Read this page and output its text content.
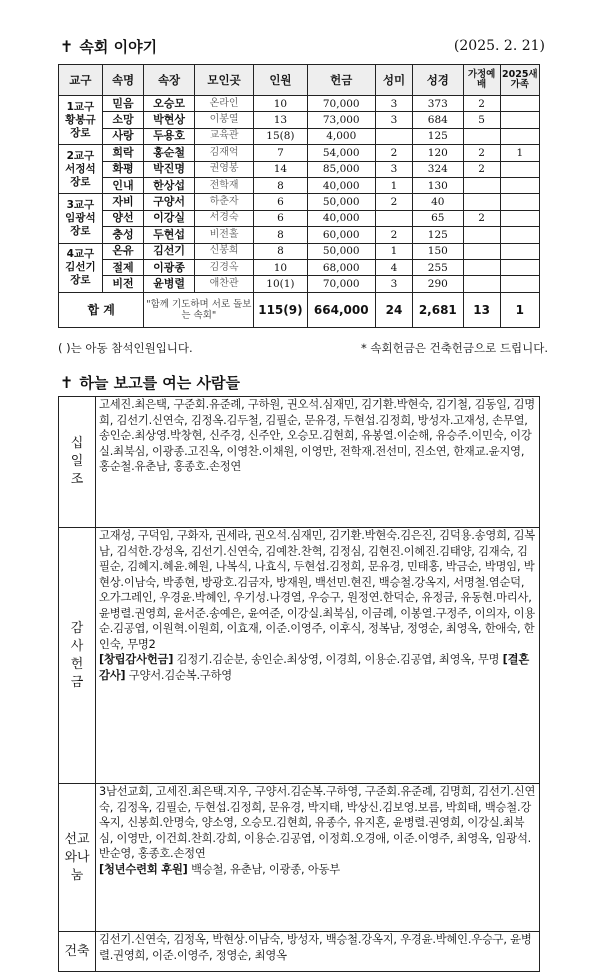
✝ 속회 이야기	(2025. 2. 21)
교구	속명	속장	모인곳	인원	헌금	성미	성경	가정예배	2025새가족
1교구 황봉규 장로	믿음	오승모	온라인	10	70,000	3	373	2	
	소망	박현상	이봉열	13	73,000	3	684	5	
	사랑	두용호	교육관	15(8)	4,000		125		
2교구 서정석 장로	희락	홍순철	김재억	7	54,000	2	120	2	1
	화평	박진명	권영봉	14	85,000	3	324	2	
	인내	한상섭	전학재	8	40,000	1	130		
3교구 임광석 장로	자비	구양서	하춘자	6	50,000	2	40		
	양선	이강실	서경숙	6	40,000		65	2	
	충성	두현섭	비전홀	8	60,000	2	125		
4교구 김선기 장로	온유	김선기	신봉희	8	50,000	1	150		
	절제	이광종	김경옥	10	68,000	4	255		
	비전	윤병렬	애찬관	10(1)	70,000	3	290		
합 계		"함께 기도하며 서로 돌보는 속회"		115(9)	664,000	24	2,681	13	1
( )는 아동 참석인원입니다.	* 속회헌금은 건축헌금으로 드립니다.
✝ 하늘 보고를 여는 사람들
십일조	고세진.최은택, 구준회.유준례, 구하원, 권오석.심재민, 김기환.박현숙, 김기철, 김동일, 김명희, 김선기.신연숙, 김정옥.김두철, 김필순, 문유경, 두현섭.김정희, 방성자.고재성, 손무열, 송인순.최상영.박창현, 신주경, 신주안, 오승모.김현희, 유봉열.이순해, 유승주.이민숙, 이강실.최북심, 이광종.고진옥, 이영찬.이채원, 이영만, 전학재.전선미, 진소연, 한재교.윤지영, 홍순철.유춘남, 홍종호.손정연
감사헌금	고재성, 구덕임, 구화자, 권세라, 권오석.심재민, 김기환.박현숙.김은진, 김덕용.송영희, 김복남, 김석한.강성옥, 김선기.신연숙, 김예찬.찬혁, 김정심, 김현진.이혜진.김태양, 김재숙, 김필순, 김혜지.혜윤.혜원, 나복식, 나효식, 두현섭.김정희, 문유경, 민태홍, 박금순, 박명임, 박현상.이남숙, 박종현, 방광호.김금자, 방재원, 백선민.현진, 백승철.강옥지, 서명철.염순덕, 오가그레인, 우경윤.박혜인, 우기성.나경열, 우승구, 원정연.한덕순, 유정금, 유동현.마리사, 윤병렬.권영희, 윤서준.송예은, 윤여준, 이강실.최북심, 이금례, 이봉열.구정주, 이의자, 이용순.김공엽, 이원혁.이원희, 이효재, 이준.이영주, 이후식, 정복남, 정영순, 최영옥, 한애숙, 한인숙, 무명2
[창립감사헌금] 김정기.김순분, 송인순.최상영, 이경희, 이용순.김공엽, 최영옥, 무명 [결혼감사] 구양서.김순복.구하영
선교와나눔	3남선교회, 고세진.최은택.지우, 구양서.김순복.구하영, 구준회.유준례, 김명희, 김선기.신연숙, 김정옥, 김필순, 두현섭.김정희, 문유경, 박지태, 박상신.김보영.보름, 박희태, 백승철.강옥지, 신봉희.안명숙, 양소영, 오승모.김현희, 유종수, 유지혼, 윤병렬.권영희, 이강실.최북심, 이영만, 이건희.찬희.강희, 이용순.김공엽, 이정희.오경애, 이준.이영주, 최영옥, 임광석.반순영, 홍종호.손정연
[청년수련회 후원] 백승철, 유춘남, 이광종, 아동부
건축	김선기.신연숙, 김정옥, 박현상.이남숙, 방성자, 백승철.강옥지, 우경윤.박혜인.우승구, 윤병렬.권영희, 이준.이영주, 정영순, 최영옥
